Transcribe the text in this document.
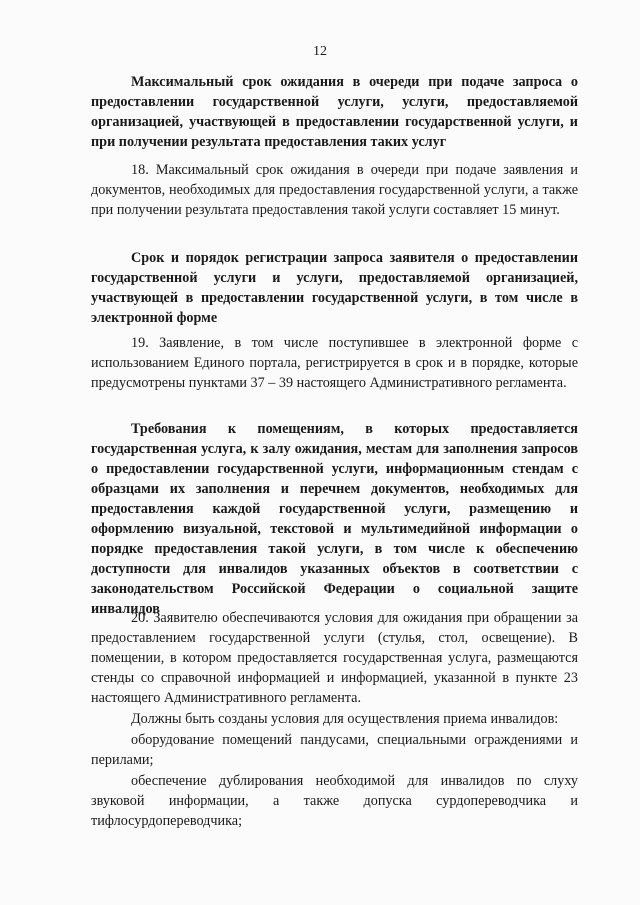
12
Максимальный срок ожидания в очереди при подаче запроса о предоставлении государственной услуги, услуги, предоставляемой организацией, участвующей в предоставлении государственной услуги, и при получении результата предоставления таких услуг
18. Максимальный срок ожидания в очереди при подаче заявления и документов, необходимых для предоставления государственной услуги, а также при получении результата предоставления такой услуги составляет 15 минут.
Срок и порядок регистрации запроса заявителя о предоставлении государственной услуги и услуги, предоставляемой организацией, участвующей в предоставлении государственной услуги, в том числе в электронной форме
19. Заявление, в том числе поступившее в электронной форме с использованием Единого портала, регистрируется в срок и в порядке, которые предусмотрены пунктами 37 – 39 настоящего Административного регламента.
Требования к помещениям, в которых предоставляется государственная услуга, к залу ожидания, местам для заполнения запросов о предоставлении государственной услуги, информационным стендам с образцами их заполнения и перечнем документов, необходимых для предоставления каждой государственной услуги, размещению и оформлению визуальной, текстовой и мультимедийной информации о порядке предоставления такой услуги, в том числе к обеспечению доступности для инвалидов указанных объектов в соответствии с законодательством Российской Федерации о социальной защите инвалидов

20. Заявителю обеспечиваются условия для ожидания при обращении за предоставлением государственной услуги (стулья, стол, освещение). В помещении, в котором предоставляется государственная услуга, размещаются стенды со справочной информацией и информацией, указанной в пункте 23 настоящего Административного регламента.

Должны быть созданы условия для осуществления приема инвалидов:

оборудование помещений пандусами, специальными ограждениями и перилами;

обеспечение дублирования необходимой для инвалидов по слуху звуковой информации, а также допуска сурдопереводчика и тифлосурдопереводчика;
